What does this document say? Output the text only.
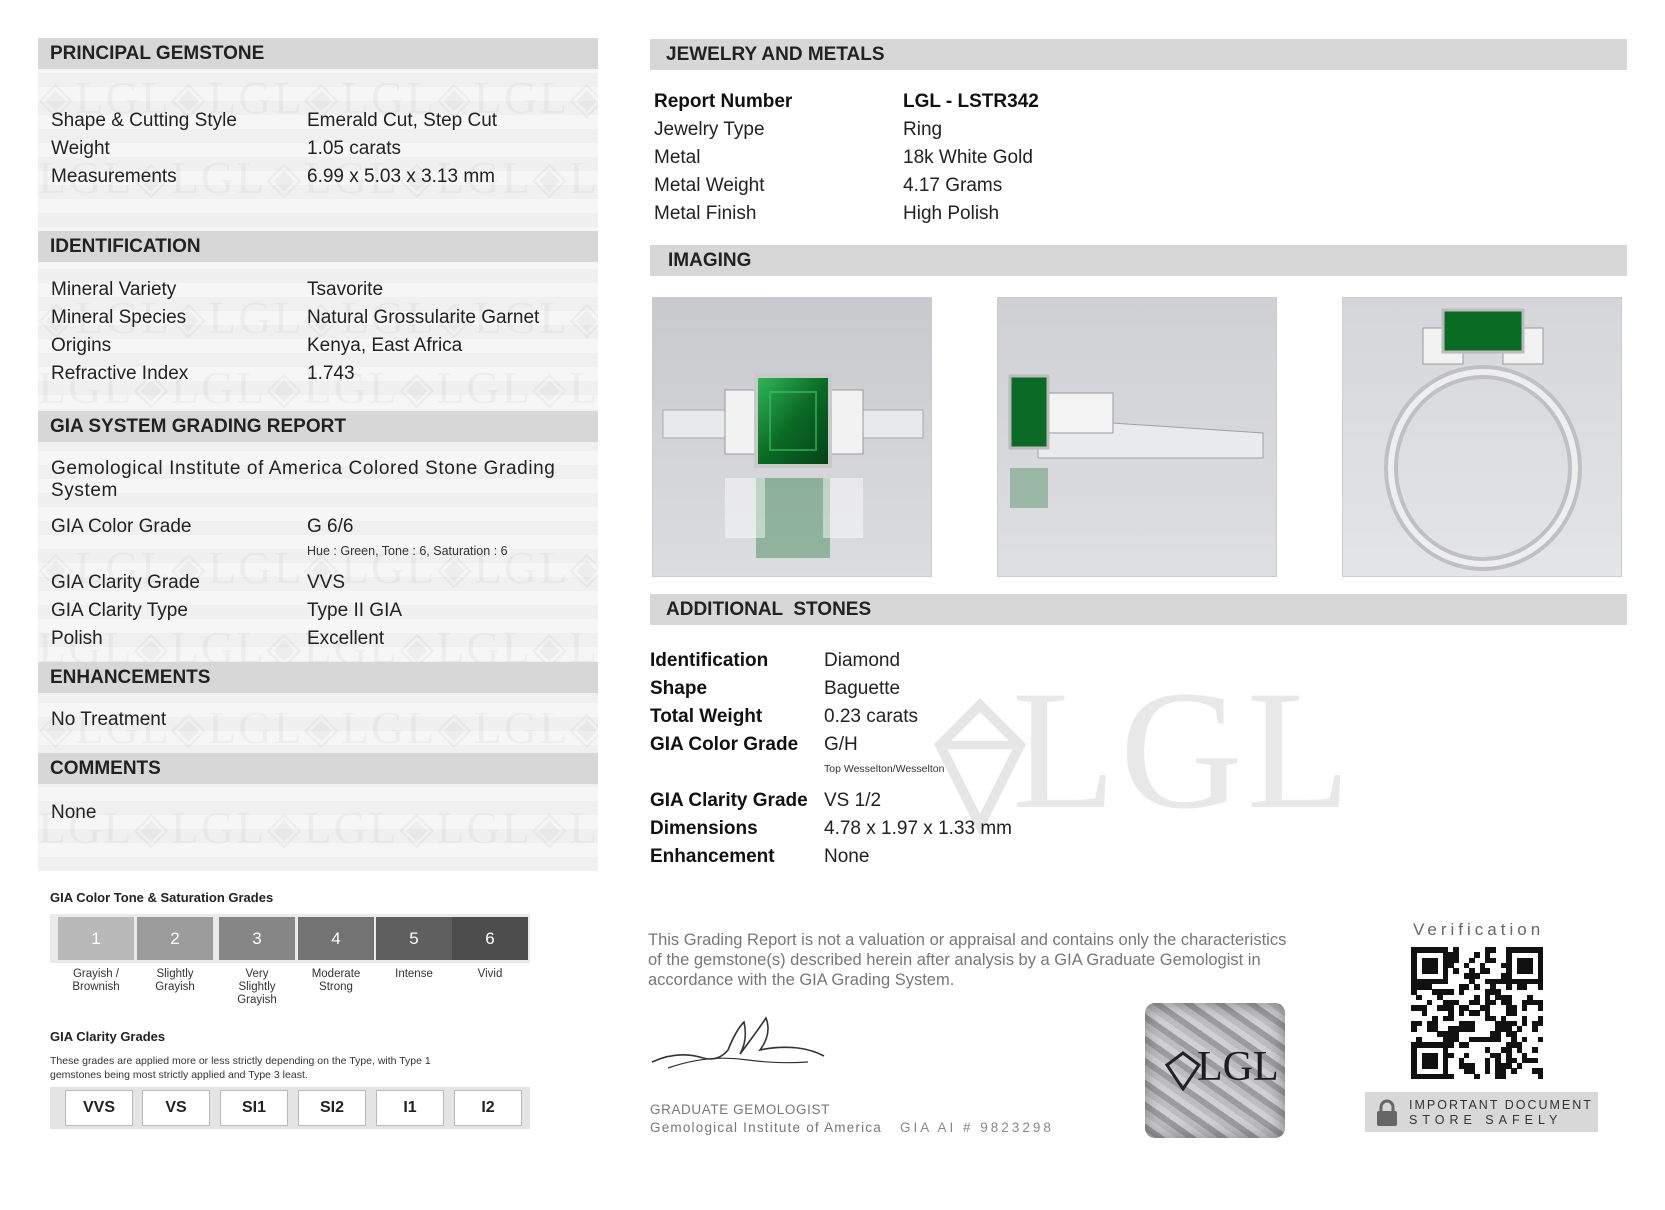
PRINCIPAL GEMSTONE
Shape & Cutting Style	Emerald Cut, Step Cut
Weight	1.05 carats
Measurements	6.99 x 5.03 x 3.13 mm
IDENTIFICATION
Mineral Variety	Tsavorite
Mineral Species	Natural Grossularite Garnet
Origins	Kenya, East Africa
Refractive Index	1.743
GIA SYSTEM GRADING REPORT
Gemological Institute of America Colored Stone Grading
System
GIA Color Grade	G 6/6
Hue : Green, Tone : 6, Saturation : 6
GIA Clarity Grade	VVS
GIA Clarity Type	Type II GIA
Polish	Excellent
ENHANCEMENTS
No Treatment
COMMENTS
None
GIA Color Tone & Saturation Grades
1
Grayish /
Brownish
2
Slightly
Grayish
3
Very
Slightly
Grayish
4
Moderate
Strong
5
Intense
6
Vivid
GIA Clarity Grades
These grades are applied more or less strictly depending on the Type, with Type 1
gemstones being most strictly applied and Type 3 least.
VVS	VS	SI1	SI2	I1	I2
JEWELRY AND METALS
Report Number	LGL - LSTR342
Jewelry Type	Ring
Metal	18k White Gold
Metal Weight	4.17 Grams
Metal Finish	High Polish
IMAGING
ADDITIONAL  STONES
LGL
Identification	Diamond
Shape	Baguette
Total Weight	0.23 carats
GIA Color Grade G/H
Top Wesselton/Wesselton
GIA Clarity Grade VS 1/2
Dimensions	4.78 x 1.97 x 1.33 mm
Enhancement	None
This Grading Report is not a valuation or appraisal and contains only the characteristics
of the gemstone(s) described herein after analysis by a GIA Graduate Gemologist in
accordance with the GIA Grading System.
GRADUATE GEMOLOGIST
Gemological Institute of America GIA AI # 9823298
LGL
Verification
IMPORTANT DOCUMENT
STORE SAFELY
